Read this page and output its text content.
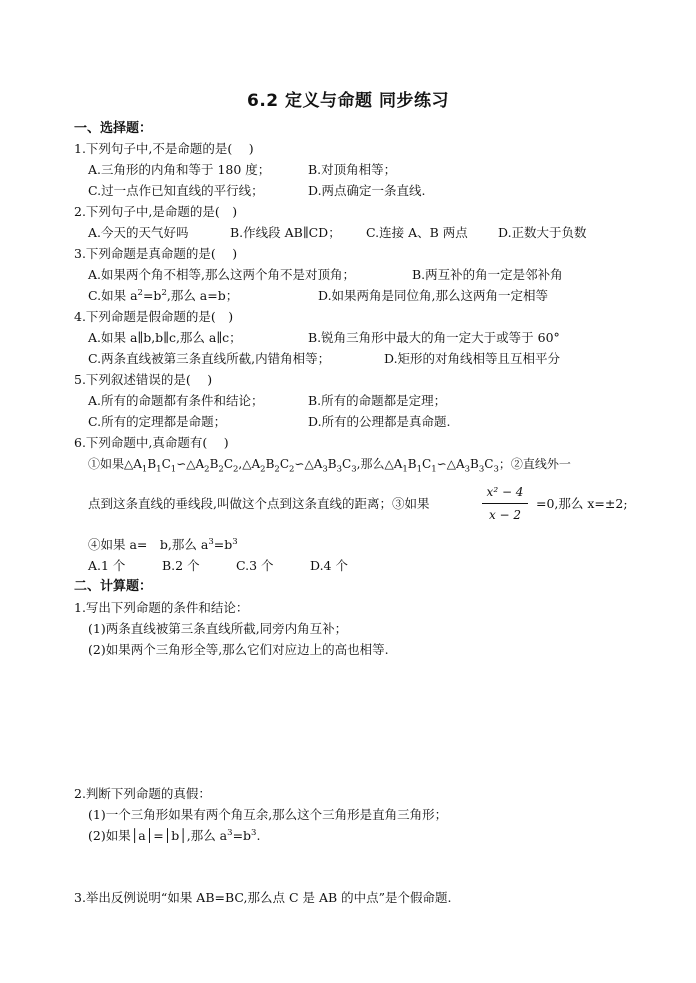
6.2 定义与命题 同步练习
一、选择题：
1.下列句子中,不是命题的是(　 )
A.三角形的内角和等于 180 度；	B.对顶角相等；
C.过一点作已知直线的平行线；	D.两点确定一条直线.
2.下列句子中,是命题的是(　)
A.今天的天气好吗	B.作线段 AB∥CD； C.连接 A、B 两点 D.正数大于负数
3.下列命题是真命题的是(　 )
A.如果两个角不相等,那么这两个角不是对顶角；	B.两互补的角一定是邻补角
C.如果 $a^2=b^2$,那么 a=b；	D.如果两角是同位角,那么这两角一定相等
4.下列命题是假命题的是(　)
A.如果 a∥b,b∥c,那么 a∥c；	B.锐角三角形中最大的角一定大于或等于 60°
C.两条直线被第三条直线所截,内错角相等；	D.矩形的对角线相等且互相平分
5.下列叙述错误的是(　 )
A.所有的命题都有条件和结论；	B.所有的命题都是定理；
C.所有的定理都是命题；	D.所有的公理都是真命题.
6.下列命题中,真命题有(　 )
①如果$\triangle A_1B_1C_1∽\triangle A_2B_2C_2,\triangle A_2B_2C_2∽\triangle A_3B_3C_3$,那么$\triangle A_1B_1C_1∽\triangle A_3B_3C_3$；②直线外一
点到这条直线的垂线段,叫做这个点到这条直线的距离；③如果
x² − 4
x − 2
=0,那么 x=±2;
④如果 a=　b,那么 $a^3=b^3$
A.1 个	B.2 个	C.3 个	D.4 个
二、计算题：
1.写出下列命题的条件和结论：
(1)两条直线被第三条直线所截,同旁内角互补；
(2)如果两个三角形全等,那么它们对应边上的高也相等.
2.判断下列命题的真假：
(1)一个三角形如果有两个角互余,那么这个三角形是直角三角形；
(2)如果│a│=│b│,那么 $a^3=b^3$.
3.举出反例说明“如果 AB=BC,那么点 C 是 AB 的中点”是个假命题.
